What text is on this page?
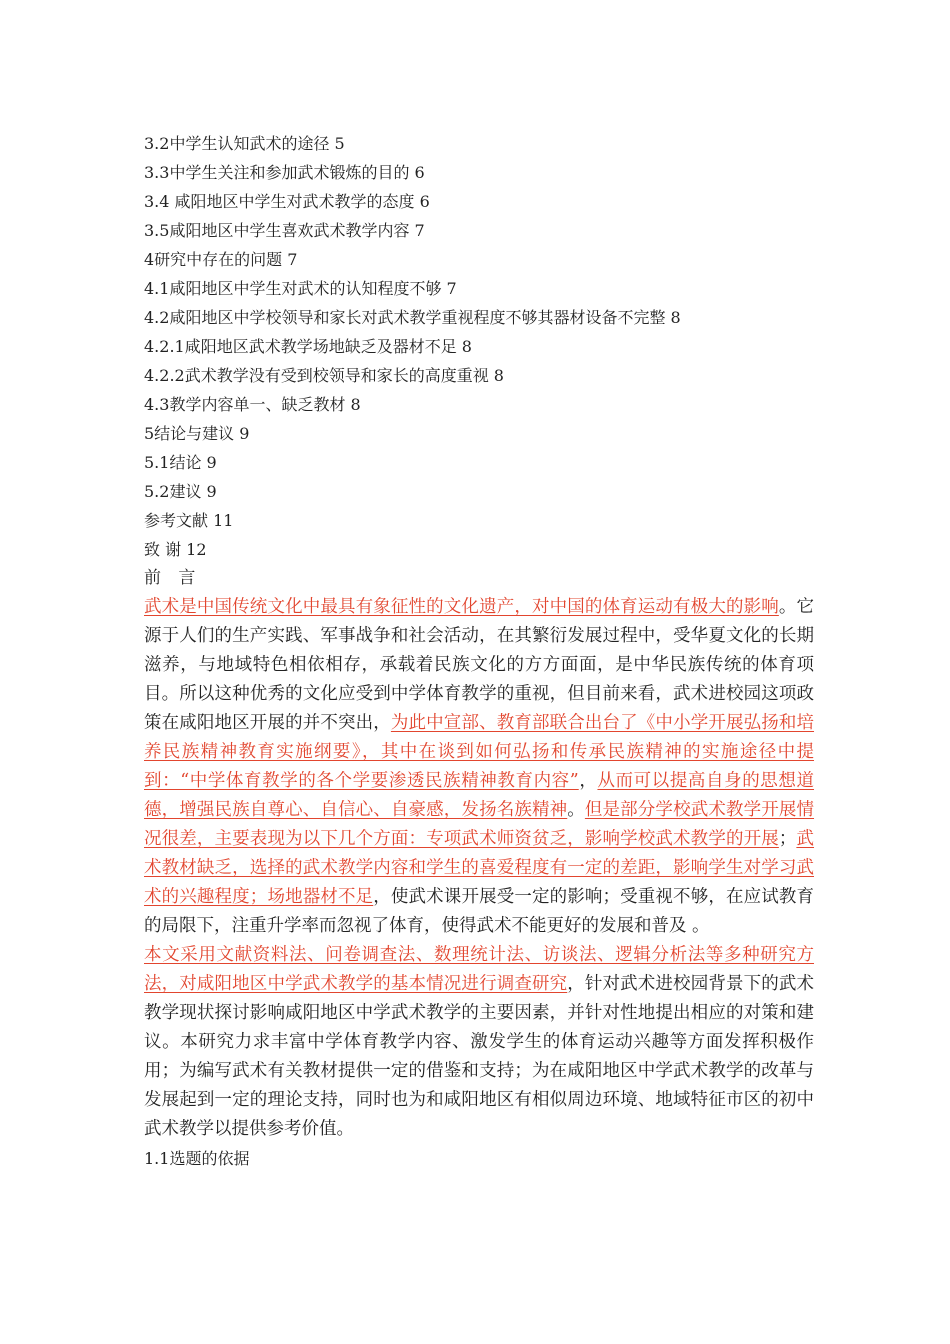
3.2中学生认知武术的途径 5
3.3中学生关注和参加武术锻炼的目的 6
3.4 咸阳地区中学生对武术教学的态度 6
3.5咸阳地区中学生喜欢武术教学内容 7
4研究中存在的问题 7
4.1咸阳地区中学生对武术的认知程度不够 7
4.2咸阳地区中学校领导和家长对武术教学重视程度不够其器材设备不完整 8
4.2.1咸阳地区武术教学场地缺乏及器材不足 8
4.2.2武术教学没有受到校领导和家长的高度重视 8
4.3教学内容单一、缺乏教材 8
5结论与建议 9
5.1结论 9
5.2建议 9
参考文献 11
致 谢 12
前 言

武术是中国传统文化中最具有象征性的文化遗产，对中国的体育运动有极大的影响。它源于人们的生产实践、军事战争和社会活动，在其繁衍发展过程中，受华夏文化的长期滋养，与地域特色相依相存，承载着民族文化的方方面面，是中华民族传统的体育项目。所以这种优秀的文化应受到中学体育教学的重视，但目前来看，武术进校园这项政策在咸阳地区开展的并不突出，为此中宣部、教育部联合出台了《中小学开展弘扬和培养民族精神教育实施纲要》，其中在谈到如何弘扬和传承民族精神的实施途径中提到：“中学体育教学的各个学要渗透民族精神教育内容”，从而可以提高自身的思想道德，增强民族自尊心、自信心、自豪感，发扬名族精神。但是部分学校武术教学开展情况很差，主要表现为以下几个方面：专项武术师资贫乏，影响学校武术教学的开展；武术教材缺乏，选择的武术教学内容和学生的喜爱程度有一定的差距，影响学生对学习武术的兴趣程度；场地器材不足，使武术课开展受一定的影响；受重视不够，在应试教育的局限下，注重升学率而忽视了体育，使得武术不能更好的发展和普及 。

本文采用文献资料法、问卷调查法、数理统计法、访谈法、逻辑分析法等多种研究方法，对咸阳地区中学武术教学的基本情况进行调查研究，针对武术进校园背景下的武术教学现状探讨影响咸阳地区中学武术教学的主要因素，并针对性地提出相应的对策和建议。本研究力求丰富中学体育教学内容、激发学生的体育运动兴趣等方面发挥积极作用；为编写武术有关教材提供一定的借鉴和支持；为在咸阳地区中学武术教学的改革与发展起到一定的理论支持，同时也为和咸阳地区有相似周边环境、地域特征市区的初中武术教学以提供参考价值。

1.1选题的依据
